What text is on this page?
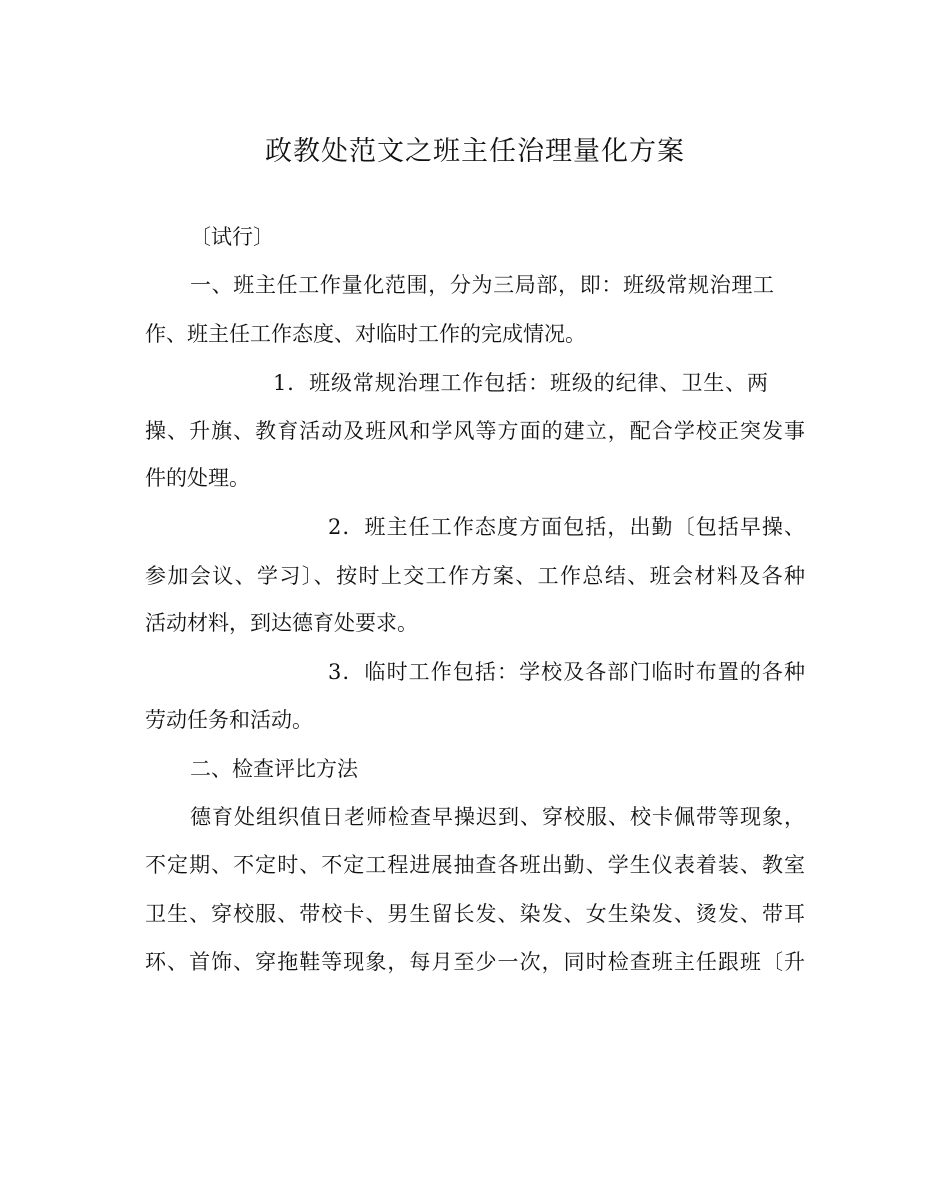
政教处范文之班主任治理量化方案
〔试行〕
一、班主任工作量化范围，分为三局部，即：班级常规治理工
作、班主任工作态度、对临时工作的完成情况。
1．班级常规治理工作包括：班级的纪律、卫生、两
操、升旗、教育活动及班风和学风等方面的建立，配合学校正突发事
件的处理。
2．班主任工作态度方面包括，出勤〔包括早操、
参加会议、学习〕、按时上交工作方案、工作总结、班会材料及各种
活动材料，到达德育处要求。
3．临时工作包括：学校及各部门临时布置的各种
劳动任务和活动。
二、检查评比方法
德育处组织值日老师检查早操迟到、穿校服、校卡佩带等现象，
不定期、不定时、不定工程进展抽查各班出勤、学生仪表着装、教室
卫生、穿校服、带校卡、男生留长发、染发、女生染发、烫发、带耳
环、首饰、穿拖鞋等现象，每月至少一次，同时检查班主任跟班〔升
